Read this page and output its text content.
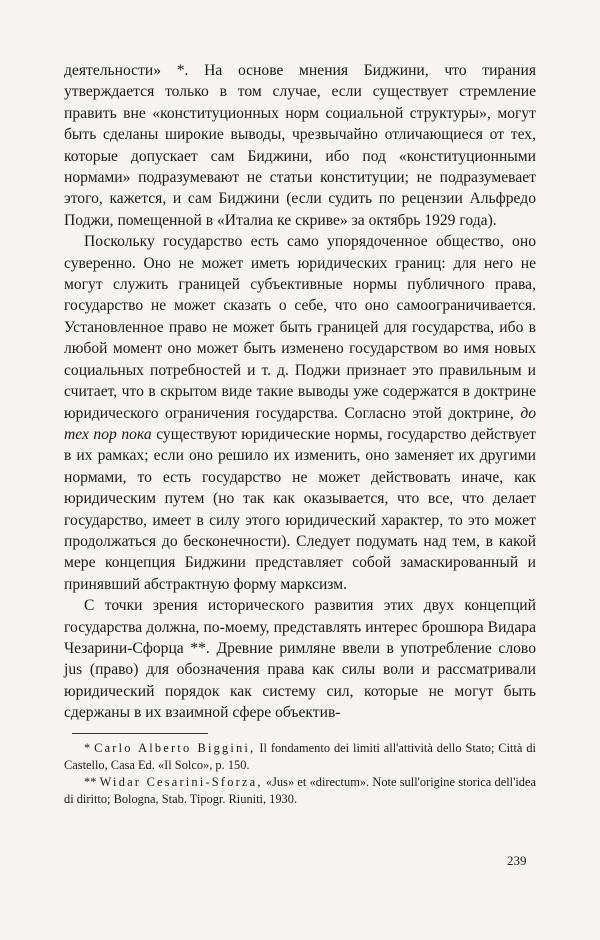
деятельности» *. На основе мнения Биджини, что тирания утверждается только в том случае, если существует стремление править вне «конституционных норм социальной структуры», могут быть сделаны широкие выводы, чрезвычайно отличающиеся от тех, которые допускает сам Биджини, ибо под «конституционными нормами» подразумевают не статьи конституции; не подразумевает этого, кажется, и сам Биджини (если судить по рецензии Альфредо Поджи, помещенной в «Италиа ке скриве» за октябрь 1929 года).

Поскольку государство есть само упорядоченное общество, оно суверенно. Оно не может иметь юридических границ: для него не могут служить границей субъективные нормы публичного права, государство не может сказать о себе, что оно самоограничивается. Установленное право не может быть границей для государства, ибо в любой момент оно может быть изменено государством во имя новых социальных потребностей и т. д. Поджи признает это правильным и считает, что в скрытом виде такие выводы уже содержатся в доктрине юридического ограничения государства. Согласно этой доктрине, до тех пор пока существуют юридические нормы, государство действует в их рамках; если оно решило их изменить, оно заменяет их другими нормами, то есть государство не может действовать иначе, как юридическим путем (но так как оказывается, что все, что делает государство, имеет в силу этого юридический характер, то это может продолжаться до бесконечности). Следует подумать над тем, в какой мере концепция Биджини представляет собой замаскированный и принявший абстрактную форму марксизм.

С точки зрения исторического развития этих двух концепций государства должна, по-моему, представлять интерес брошюра Видара Чезарини-Сфорца **. Древние римляне ввели в употребление слово jus (право) для обозначения права как силы воли и рассматривали юридический порядок как систему сил, которые не могут быть сдержаны в их взаимной сфере объектив-

* Carlo Alberto Biggini, Il fondamento dei limiti all'attività dello Stato; Città di Castello, Casa Ed. «Il Solco», p. 150.

** Widar Cesarini-Sforza, «Jus» et «directum». Note sull'origine storica dell'idea di diritto; Bologna, Stab. Tipogr. Riuniti, 1930.

239
